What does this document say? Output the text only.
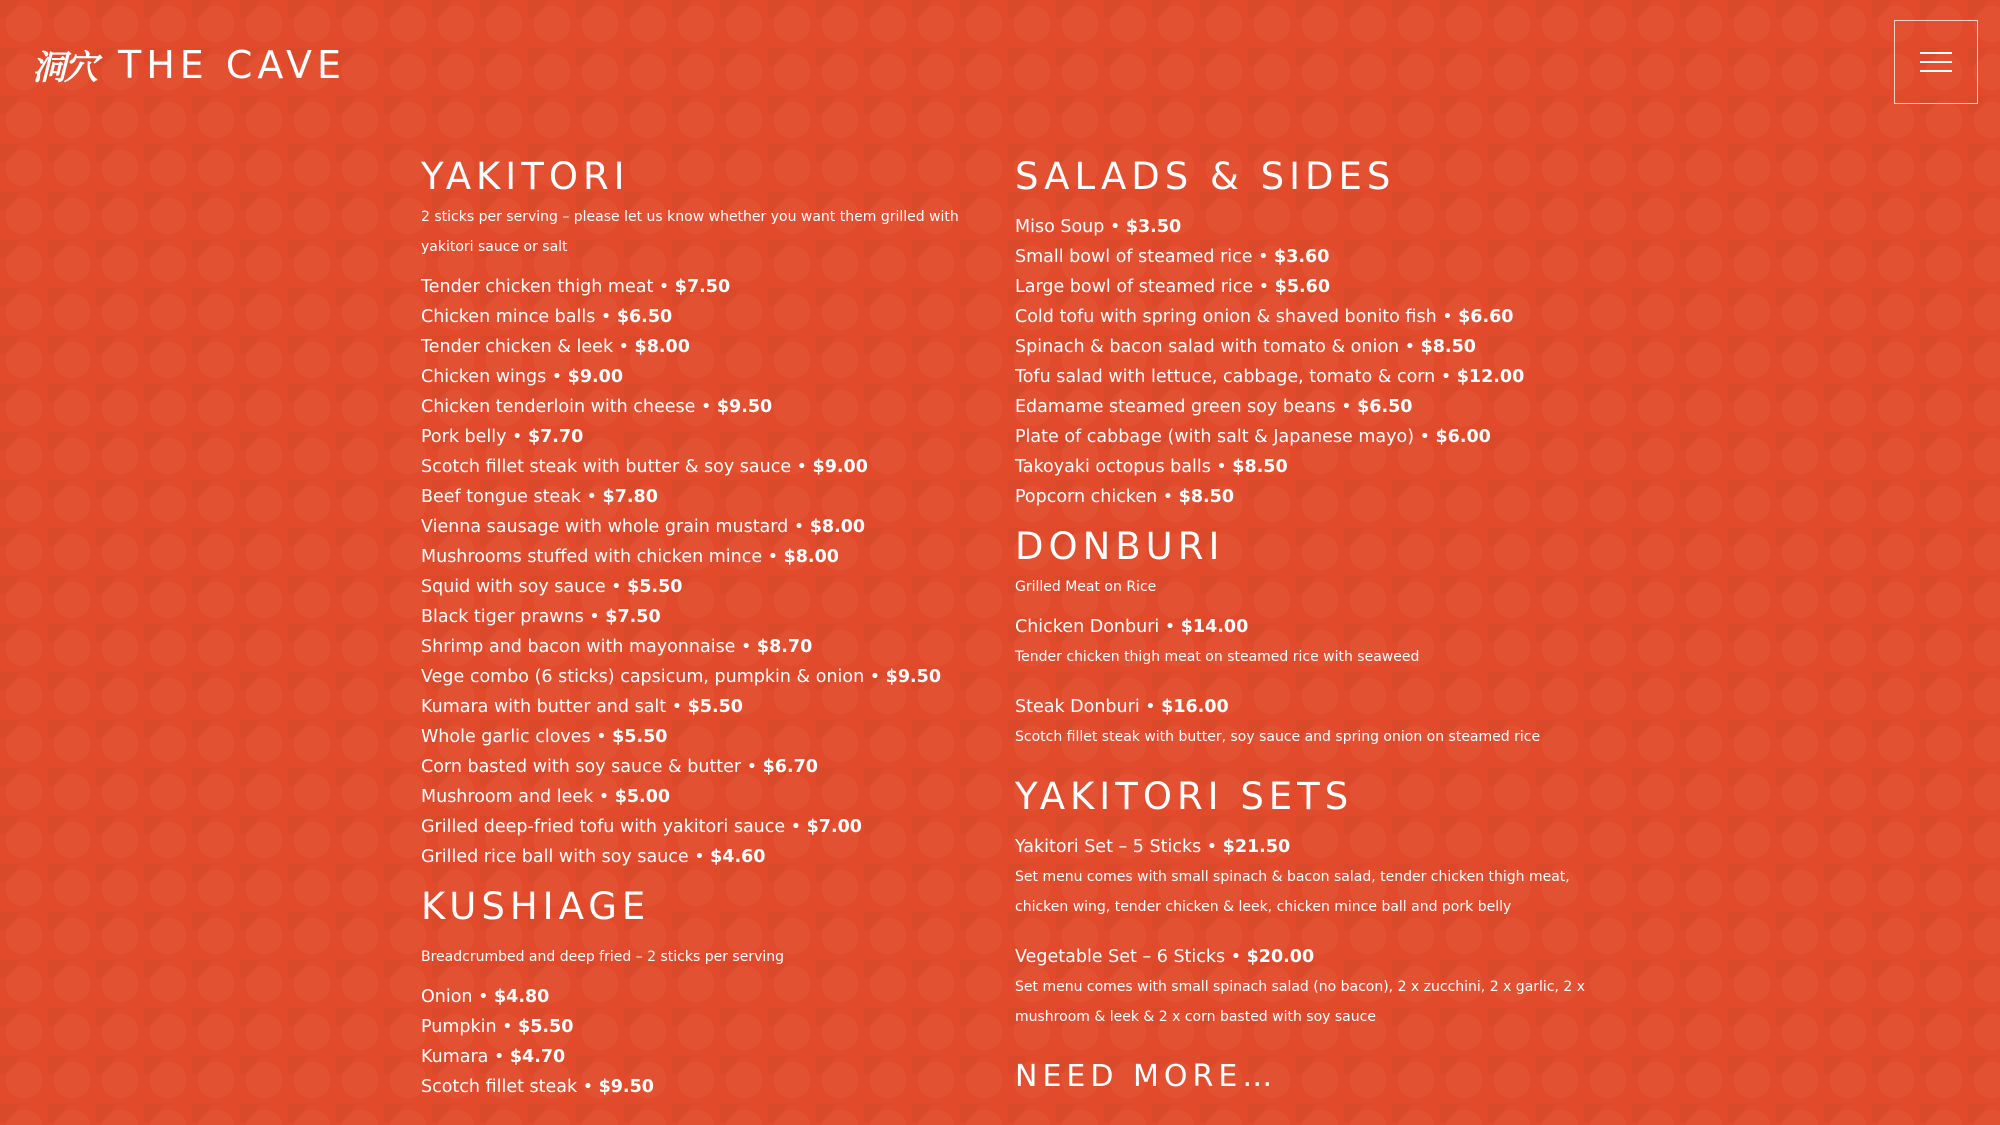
洞穴 THE CAVE
YAKITORI

2 sticks per serving – please let us know whether you want them grilled with yakitori sauce or salt

Tender chicken thigh meat • $7.50
Chicken mince balls • $6.50
Tender chicken & leek • $8.00
Chicken wings • $9.00
Chicken tenderloin with cheese • $9.50
Pork belly • $7.70
Scotch fillet steak with butter & soy sauce • $9.00
Beef tongue steak • $7.80
Vienna sausage with whole grain mustard • $8.00
Mushrooms stuffed with chicken mince • $8.00
Squid with soy sauce • $5.50
Black tiger prawns • $7.50
Shrimp and bacon with mayonnaise • $8.70
Vege combo (6 sticks) capsicum, pumpkin & onion • $9.50
Kumara with butter and salt • $5.50
Whole garlic cloves • $5.50
Corn basted with soy sauce & butter • $6.70
Mushroom and leek • $5.00
Grilled deep-fried tofu with yakitori sauce • $7.00
Grilled rice ball with soy sauce • $4.60
KUSHIAGE

Breadcrumbed and deep fried – 2 sticks per serving

Onion • $4.80
Pumpkin • $5.50
Kumara • $4.70
Scotch fillet steak • $9.50
SALADS & SIDES
Miso Soup • $3.50
Small bowl of steamed rice • $3.60
Large bowl of steamed rice • $5.60
Cold tofu with spring onion & shaved bonito fish • $6.60
Spinach & bacon salad with tomato & onion • $8.50
Tofu salad with lettuce, cabbage, tomato & corn • $12.00
Edamame steamed green soy beans • $6.50
Plate of cabbage (with salt & Japanese mayo) • $6.00
Takoyaki octopus balls • $8.50
Popcorn chicken • $8.50
DONBURI

Grilled Meat on Rice

Chicken Donburi • $14.00
Tender chicken thigh meat on steamed rice with seaweed
Steak Donburi • $16.00
Scotch fillet steak with butter, soy sauce and spring onion on steamed rice
YAKITORI SETS
Yakitori Set – 5 Sticks • $21.50
Set menu comes with small spinach & bacon salad, tender chicken thigh meat, chicken wing, tender chicken & leek, chicken mince ball and pork belly
Vegetable Set – 6 Sticks • $20.00
Set menu comes with small spinach salad (no bacon), 2 x zucchini, 2 x garlic, 2 x mushroom & leek & 2 x corn basted with soy sauce
NEED MORE…
